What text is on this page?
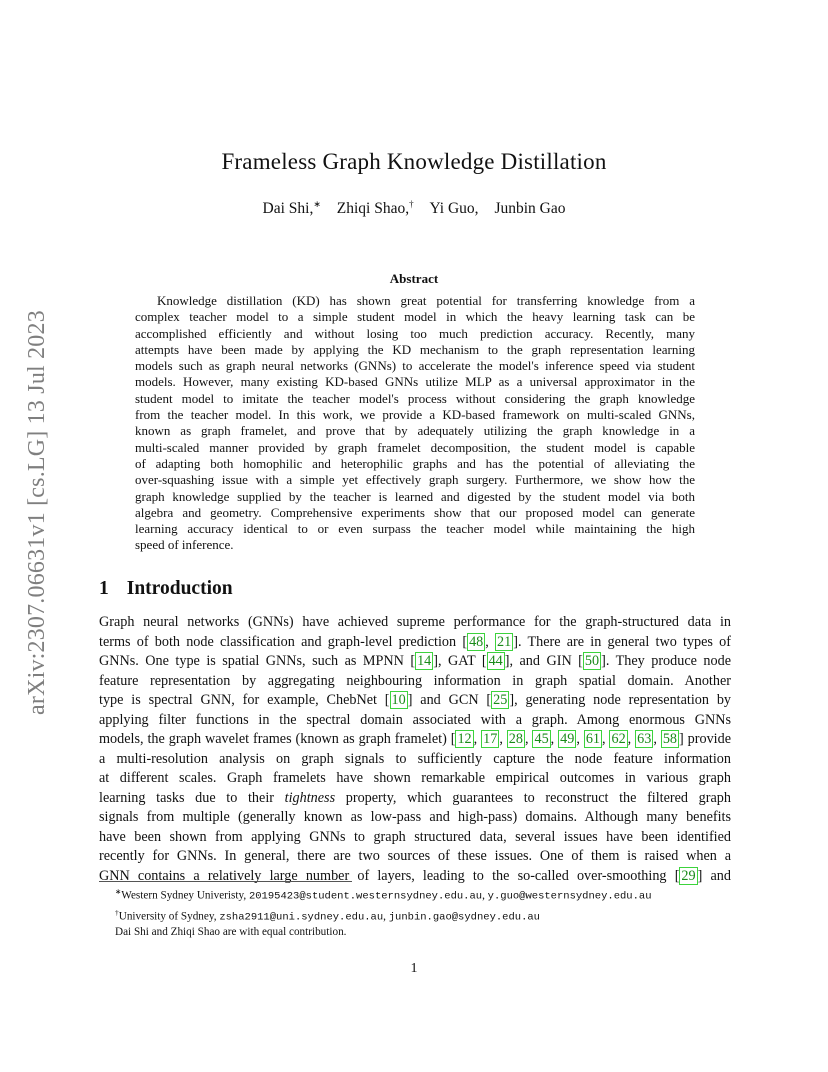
arXiv:2307.06631v1 [cs.LG] 13 Jul 2023
Frameless Graph Knowledge Distillation
Dai Shi,∗ Zhiqi Shao,† Yi Guo, Junbin Gao
Abstract
Knowledge distillation (KD) has shown great potential for transferring knowledge from a
complex teacher model to a simple student model in which the heavy learning task can be
accomplished efficiently and without losing too much prediction accuracy. Recently, many
attempts have been made by applying the KD mechanism to the graph representation learning
models such as graph neural networks (GNNs) to accelerate the model's inference speed via student
models. However, many existing KD-based GNNs utilize MLP as a universal approximator in the
student model to imitate the teacher model's process without considering the graph knowledge
from the teacher model. In this work, we provide a KD-based framework on multi-scaled GNNs,
known as graph framelet, and prove that by adequately utilizing the graph knowledge in a
multi-scaled manner provided by graph framelet decomposition, the student model is capable
of adapting both homophilic and heterophilic graphs and has the potential of alleviating the
over-squashing issue with a simple yet effectively graph surgery. Furthermore, we show how the
graph knowledge supplied by the teacher is learned and digested by the student model via both
algebra and geometry. Comprehensive experiments show that our proposed model can generate
learning accuracy identical to or even surpass the teacher model while maintaining the high
speed of inference.
1 Introduction
Graph neural networks (GNNs) have achieved supreme performance for the graph-structured data in
terms of both node classification and graph-level prediction [ 48 , 21 ]. There are in general two types of
GNNs. One type is spatial GNNs, such as MPNN [ 14 ], GAT [ 44 ], and GIN [ 50 ]. They produce node
feature representation by aggregating neighbouring information in graph spatial domain. Another
type is spectral GNN, for example, ChebNet [ 10 ] and GCN [ 25 ], generating node representation by
applying filter functions in the spectral domain associated with a graph. Among enormous GNNs
models, the graph wavelet frames (known as graph framelet) [ 12 , 17 , 28 , 45 , 49 , 61 , 62 , 63 , 58 ] provide
a multi-resolution analysis on graph signals to sufficiently capture the node feature information
at different scales. Graph framelets have shown remarkable empirical outcomes in various graph
learning tasks due to their tightness property, which guarantees to reconstruct the filtered graph
signals from multiple (generally known as low-pass and high-pass) domains. Although many benefits
have been shown from applying GNNs to graph structured data, several issues have been identified
recently for GNNs. In general, there are two sources of these issues. One of them is raised when a
GNN contains a relatively large number of layers, leading to the so-called over-smoothing [ 29 ] and
∗Western Sydney Univeristy, 20195423@student.westernsydney.edu.au, y.guo@westernsydney.edu.au
†University of Sydney, zsha2911@uni.sydney.edu.au, junbin.gao@sydney.edu.au
Dai Shi and Zhiqi Shao are with equal contribution.
1
